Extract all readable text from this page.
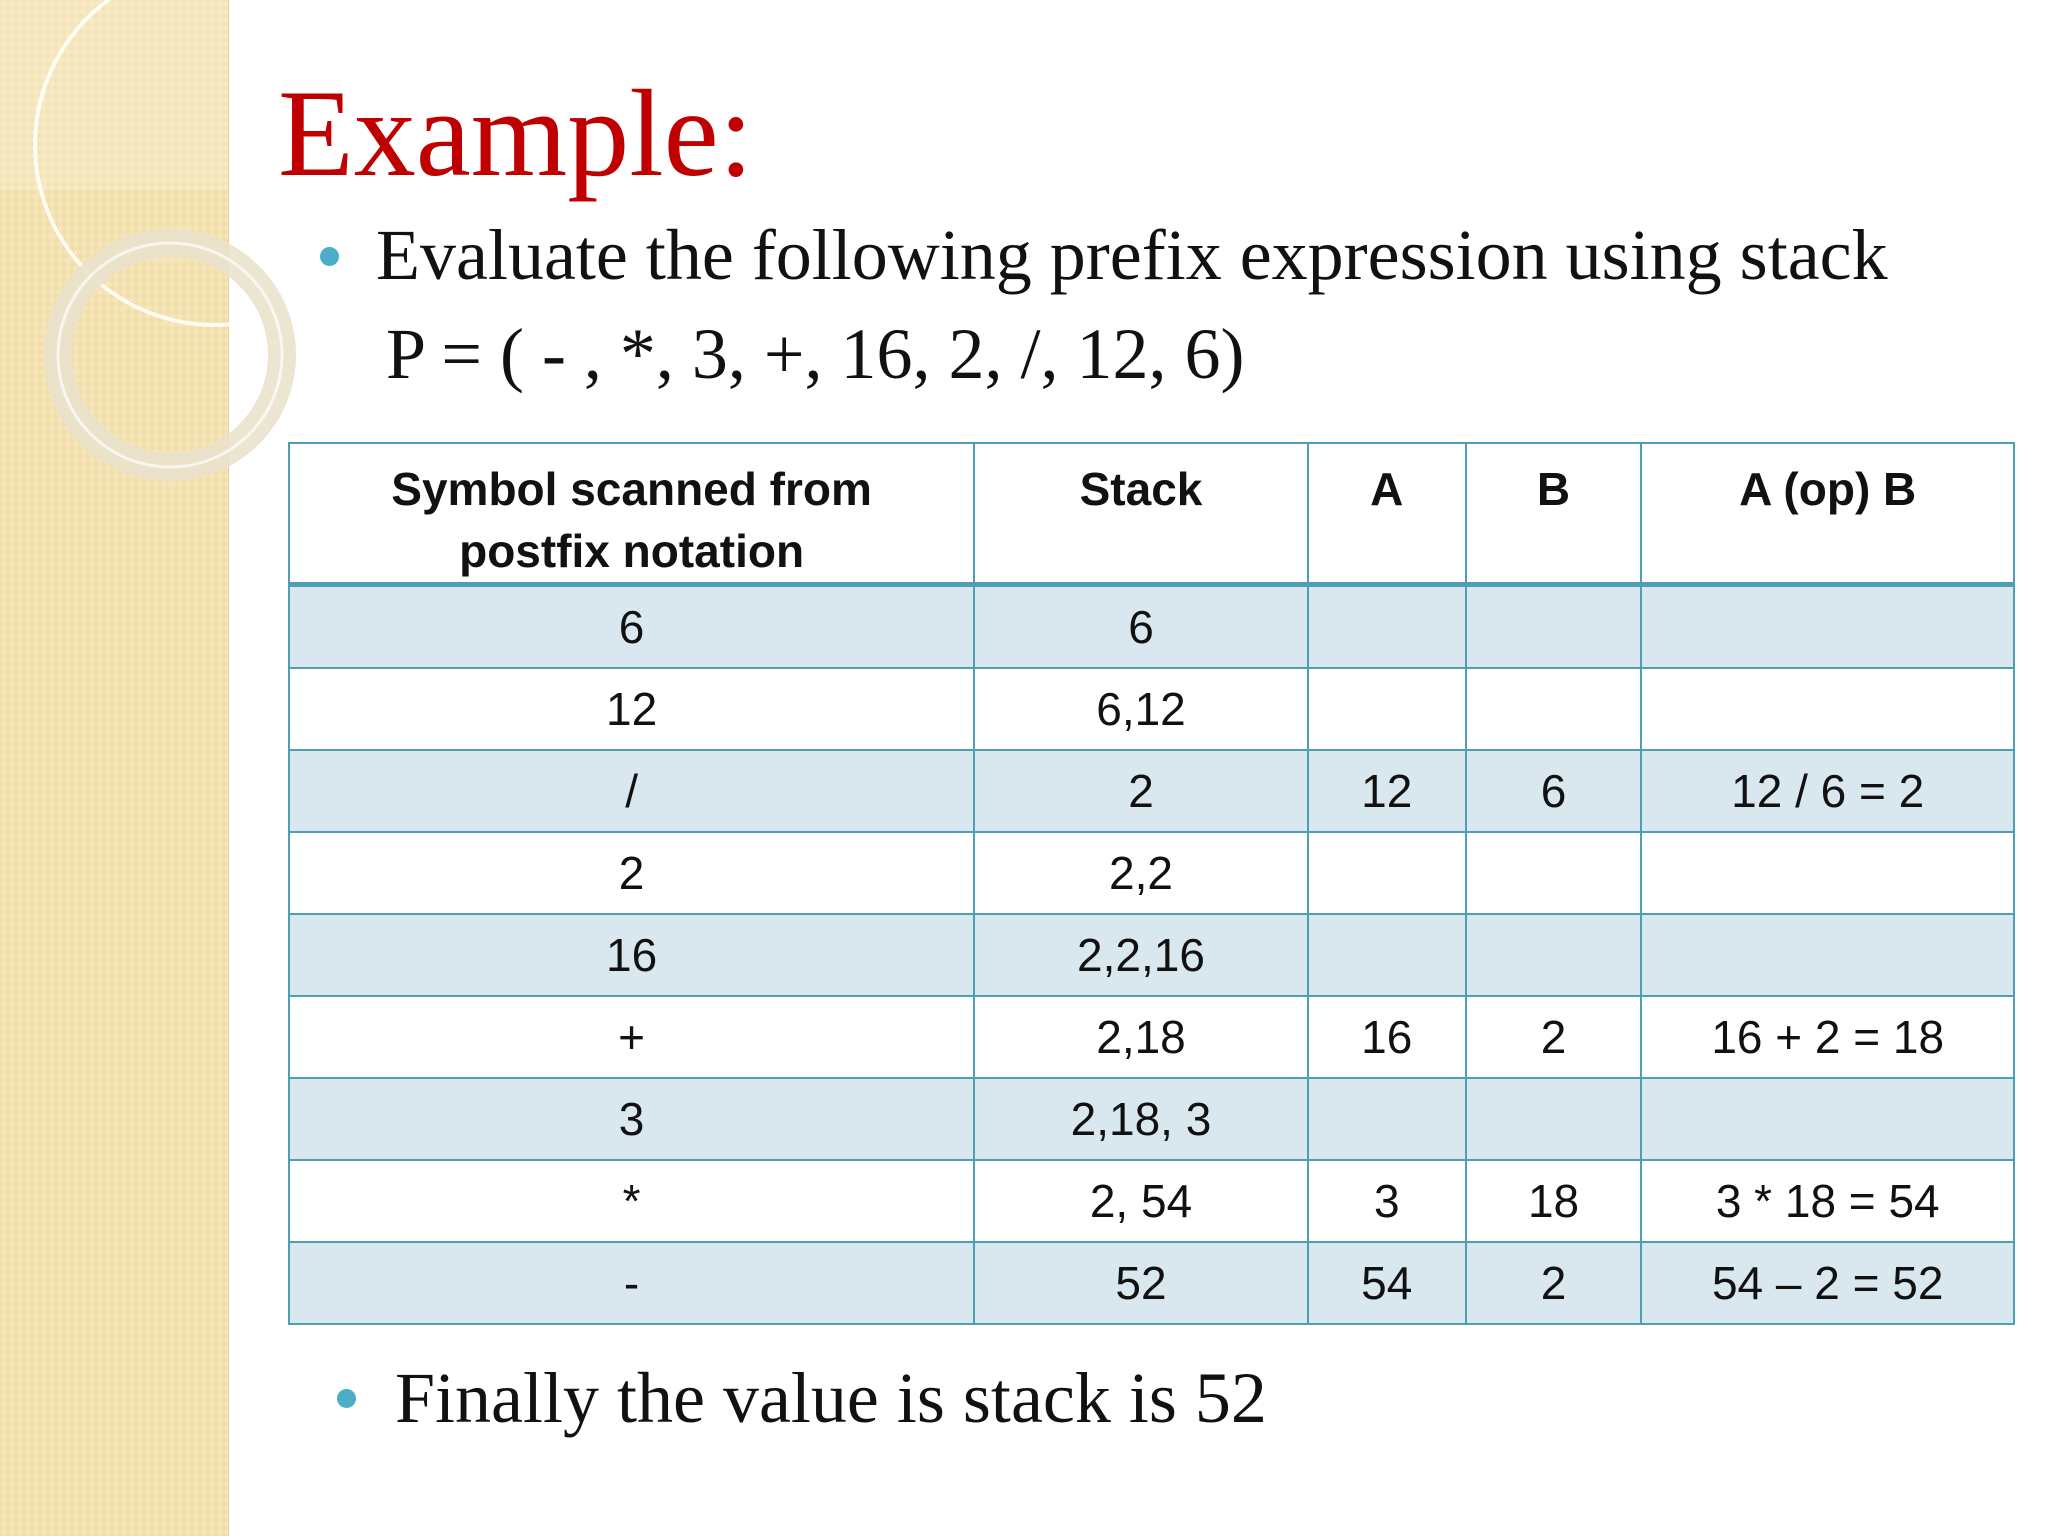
Example:
Evaluate the following prefix expression using stack
P = ( - , *, 3, +, 16, 2, /, 12, 6)
Symbol scanned from
postfix notation	Stack	A	B	A (op) B
6	6			
12	6,12			
/	2	12	6	12 / 6 = 2
2	2,2			
16	2,2,16			
+	2,18	16	2	16 + 2 = 18
3	2,18, 3			
*	2, 54	3	18	3 * 18 = 54
-	52	54	2	54 – 2 = 52
Finally the value is stack is 52
